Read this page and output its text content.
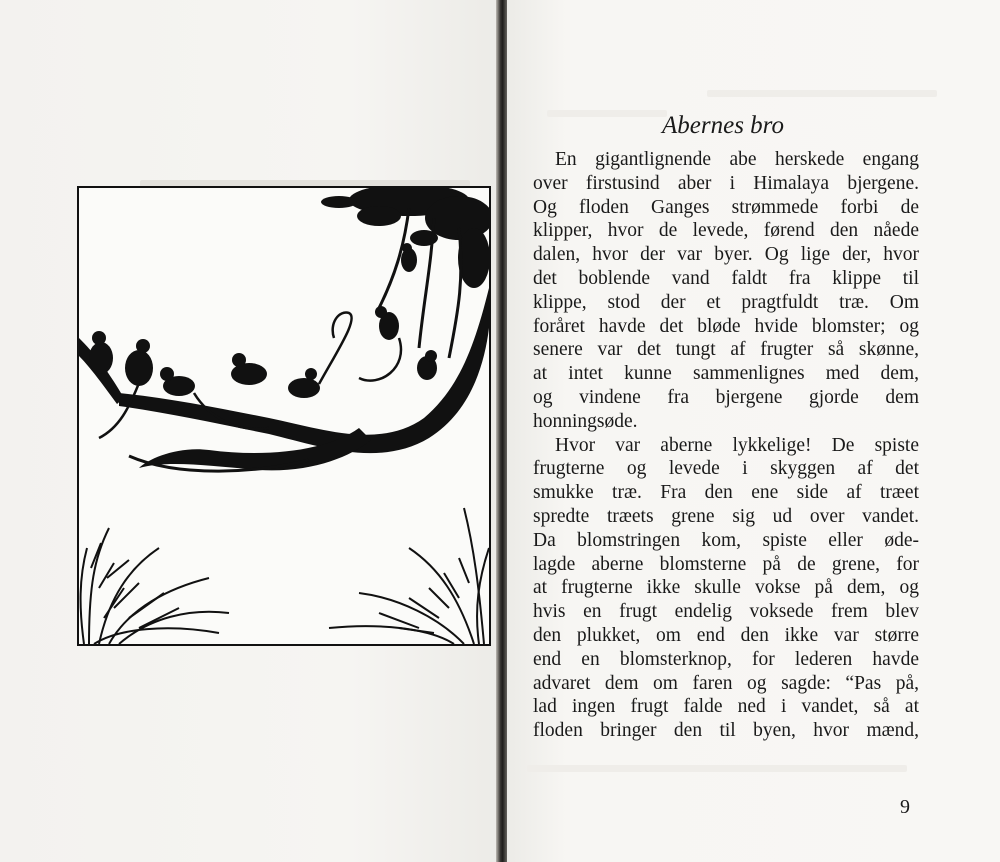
Abernes bro
En gigantlignende abe herskede engang
over firstusind aber i Himalaya bjergene.
Og floden Ganges strømmede forbi de
klipper, hvor de levede, førend den nåede
dalen, hvor der var byer. Og lige der, hvor
det boblende vand faldt fra klippe til
klippe, stod der et pragtfuldt træ. Om
foråret havde det bløde hvide blomster; og
senere var det tungt af frugter så skønne,
at intet kunne sammenlignes med dem,
og vindene fra bjergene gjorde dem
honningsøde.
Hvor var aberne lykkelige! De spiste
frugterne og levede i skyggen af det
smukke træ. Fra den ene side af træet
spredte træets grene sig ud over vandet.
Da blomstringen kom, spiste eller øde-
lagde aberne blomsterne på de grene, for
at frugterne ikke skulle vokse på dem, og
hvis en frugt endelig voksede frem blev
den plukket, om end den ikke var større
end en blomsterknop, for lederen havde
advaret dem om faren og sagde: “Pas på,
lad ingen frugt falde ned i vandet, så at
floden bringer den til byen, hvor mænd,
9
